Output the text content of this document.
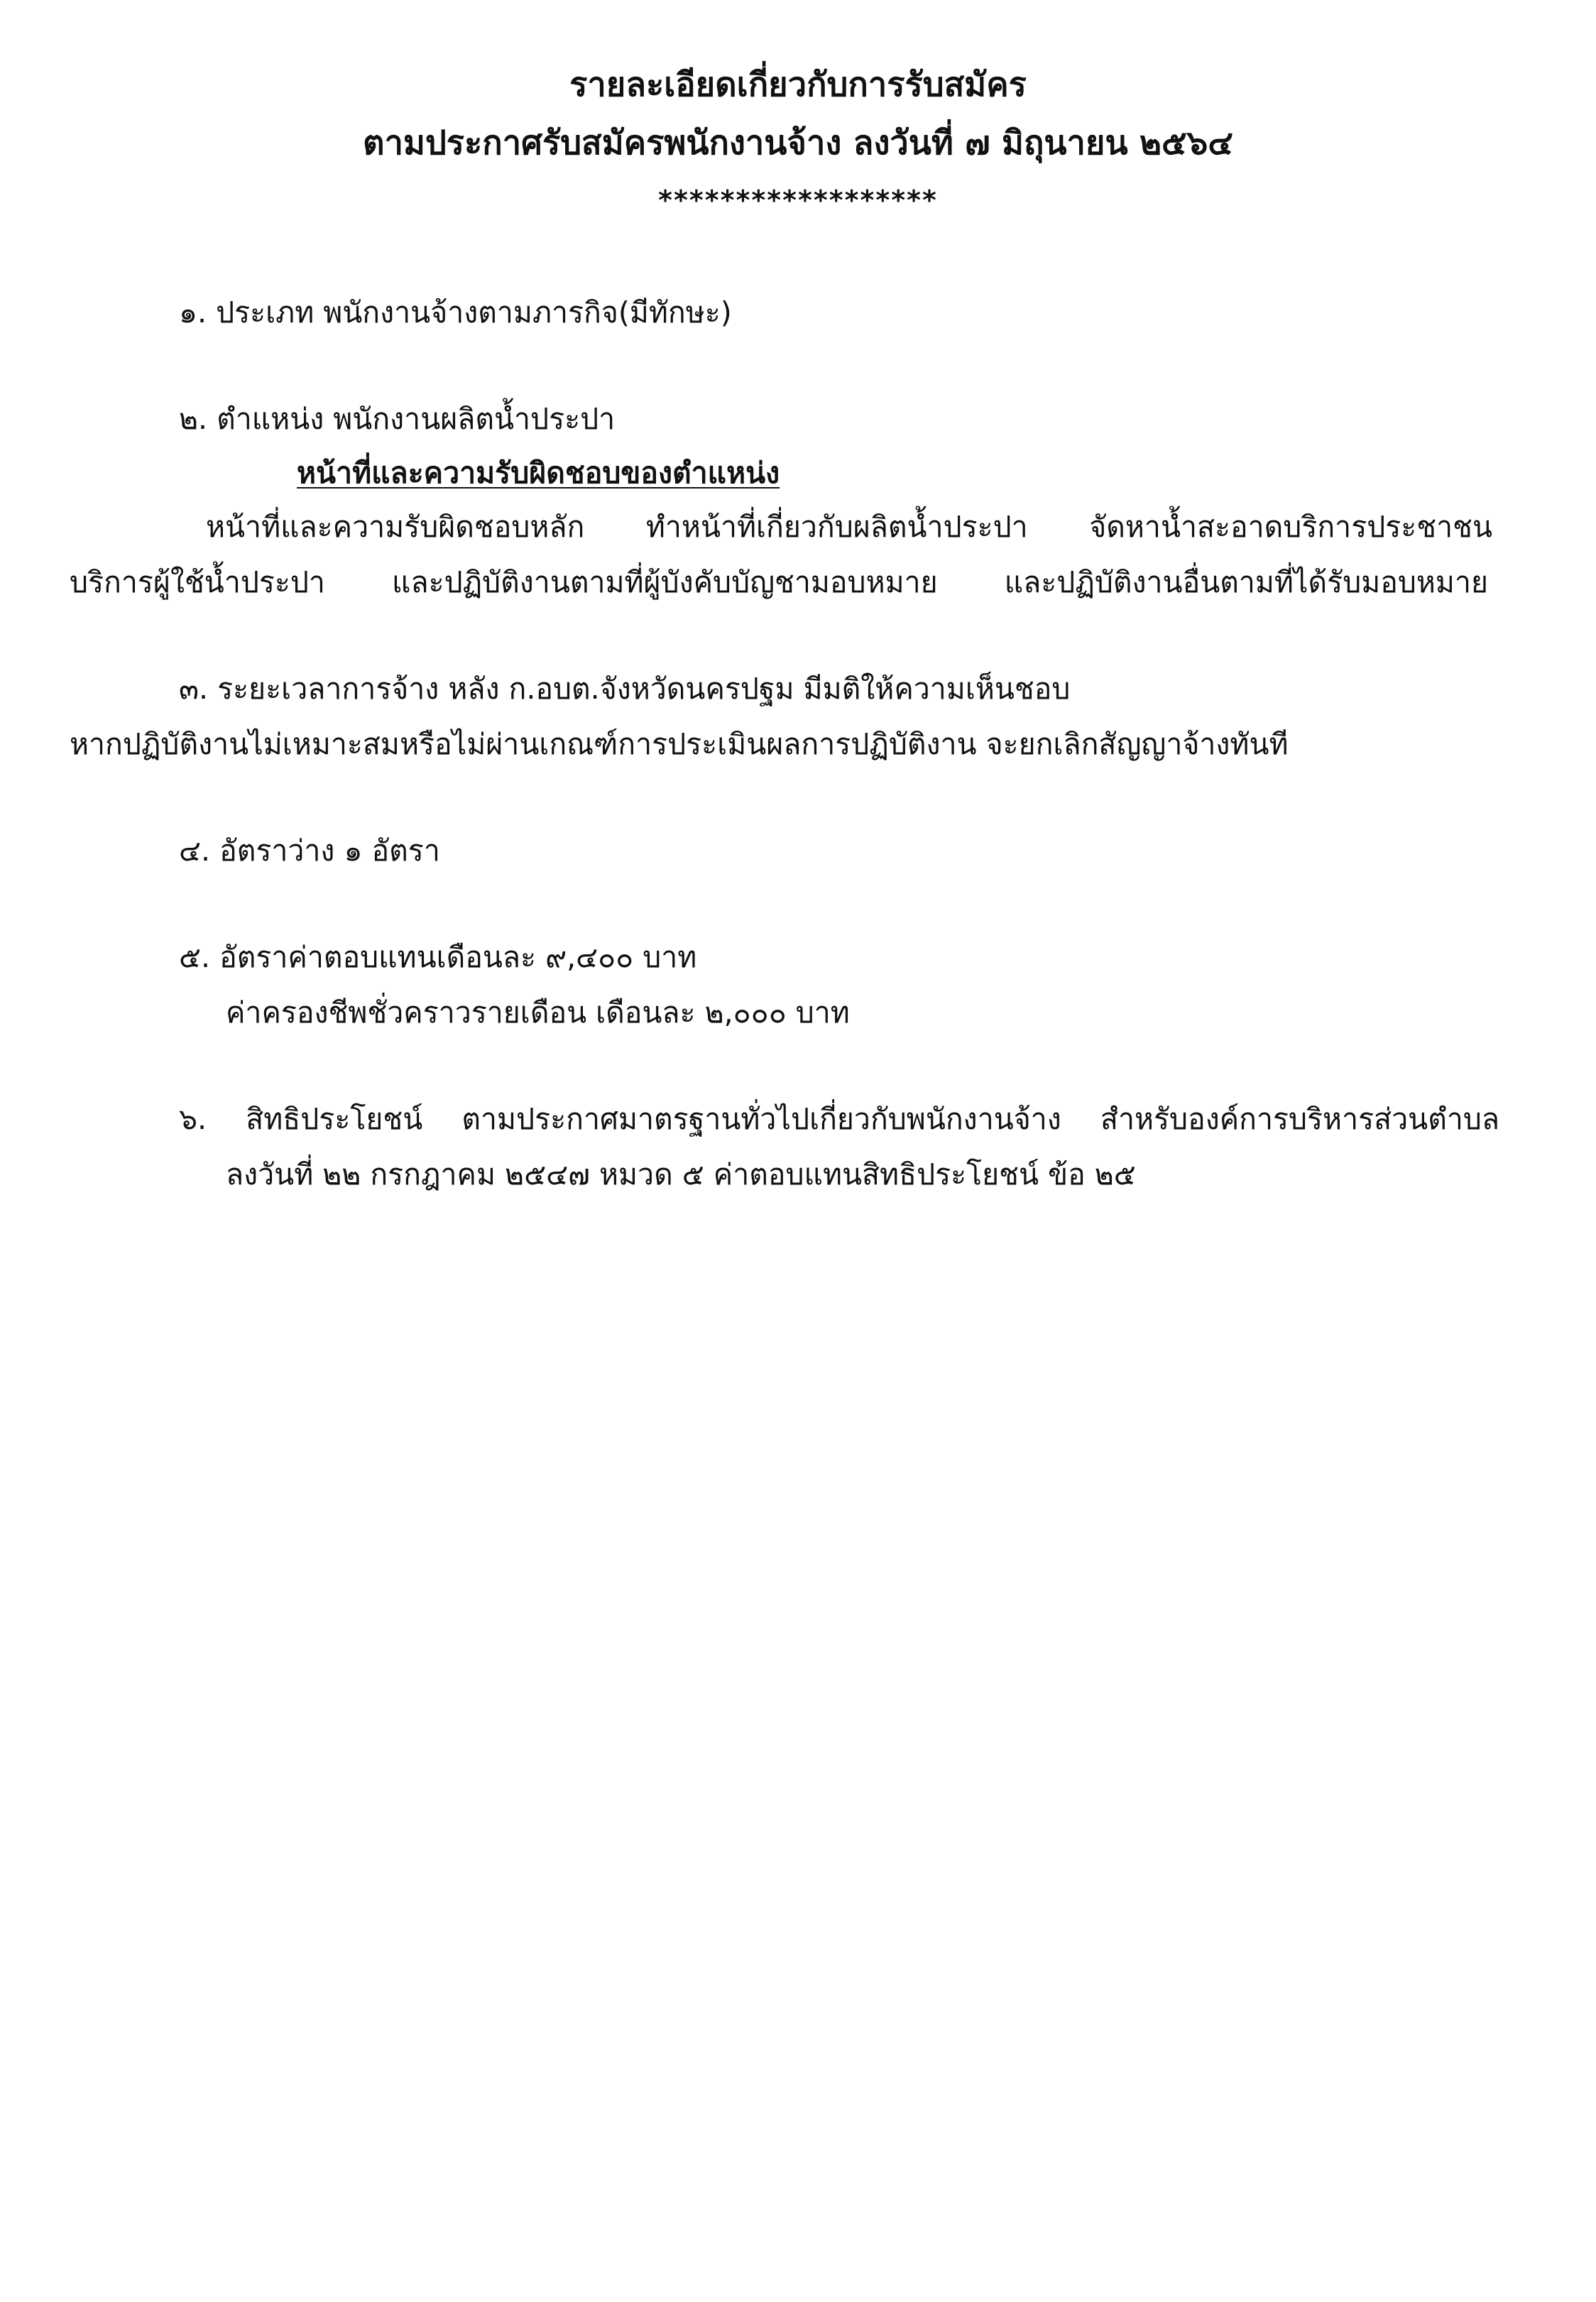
รายละเอียดเกี่ยวกับการรับสมัคร
ตามประกาศรับสมัครพนักงานจ้าง ลงวันที่ ๗ มิถุนายน ๒๕๖๔
******************
๑. ประเภท พนักงานจ้างตามภารกิจ(มีทักษะ)
๒. ตำแหน่ง พนักงานผลิตน้ำประปา
หน้าที่และความรับผิดชอบของตำแหน่ง
หน้าที่และความรับผิดชอบหลัก ทำหน้าที่เกี่ยวกับผลิตน้ำประปา จัดหาน้ำสะอาดบริการประชาชน
บริการผู้ใช้น้ำประปา และปฏิบัติงานตามที่ผู้บังคับบัญชามอบหมาย และปฏิบัติงานอื่นตามที่ได้รับมอบหมาย
๓. ระยะเวลาการจ้าง หลัง ก.อบต.จังหวัดนครปฐม มีมติให้ความเห็นชอบ
หากปฏิบัติงานไม่เหมาะสมหรือไม่ผ่านเกณฑ์การประเมินผลการปฏิบัติงาน จะยกเลิกสัญญาจ้างทันที
๔. อัตราว่าง ๑ อัตรา
๕. อัตราค่าตอบแทนเดือนละ ๙,๔๐๐ บาท
ค่าครองชีพชั่วคราวรายเดือน เดือนละ ๒,๐๐๐ บาท
๖. สิทธิประโยชน์ ตามประกาศมาตรฐานทั่วไปเกี่ยวกับพนักงานจ้าง สำหรับองค์การบริหารส่วนตำบล
ลงวันที่ ๒๒ กรกฎาคม ๒๕๔๗ หมวด ๕ ค่าตอบแทนสิทธิประโยชน์ ข้อ ๒๕
